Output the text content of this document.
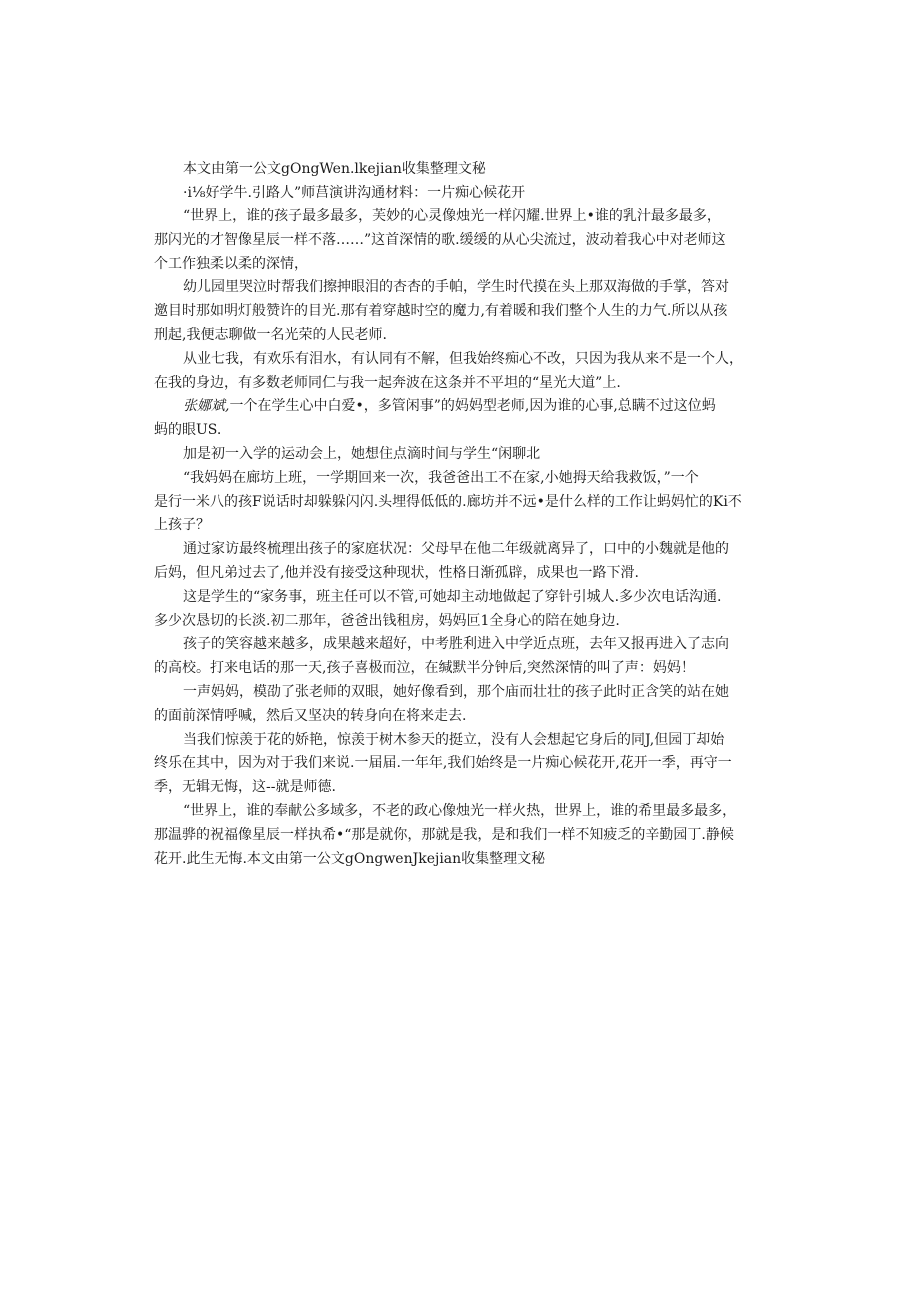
本文由第一公文gOngWen.lkejian收集整理文秘
·i⅛好学牛.引路人”师莒演讲沟通材料：一片痴心候花开
“世界上，谁的孩子最多最多，芙妙的心灵像烛光一样闪耀.世界上•谁的乳汁最多最多，
那闪光的才智像星辰一样不落……”这首深情的歌.缓缓的从心尖流过，波动着我心中对老师这
个工作独柔以柔的深情，
幼儿园里哭泣时帮我们擦抻眼泪的杏杏的手帕，学生时代摸在头上那双海做的手掌，答对
邀目时那如明灯般赞许的目光.那有着穿越时空的魔力,有着暖和我们整个人生的力气.所以从孩
刑起,我便志聊做一名光荣的人民老师.
从业七我，有欢乐有泪水，有认同有不解，但我始终痴心不改，只因为我从来不是一个人，
在我的身边，有多数老师同仁与我一起奔波在这条并不平坦的“星光大道”上.
张娜斌,一个在学生心中白爱•，多管闲事”的妈妈型老师,因为谁的心事,总瞒不过这位蚂
蚂的眼US.
加是初一入学的运动会上，她想住点滴时间与学生“闲聊北
“我妈妈在廊坊上班，一学期回来一次，我爸爸出工不在家,小她拇天给我救饭，”一个
是行一米八的孩F说话时却躲躲闪闪.头埋得低低的.廊坊并不远•是什么样的工作让蚂妈忙的Ki不
上孩子？
通过家访最终梳理出孩子的家庭状况：父母早在他二年级就离异了，口中的小魏就是他的
后妈，但凡弟过去了,他并没有接受这种现状，性格日渐孤辟，成果也一路下滑.
这是学生的“家务事，班主任可以不管,可她却主动地做起了穿针引城人.多少次电话沟通.
多少次恳切的长淡.初二那年，爸爸出钱租房，妈妈叵1全身心的陪在她身边.
孩子的笑容越来越多，成果越来超好，中考胜利进入中学近点班，去年又报再进入了志向
的高校。打来电话的那一天,孩子喜极而泣，在缄默半分钟后,突然深情的叫了声：妈妈！
一声妈妈，模劭了张老师的双眼，她好像看到，那个庙而壮壮的孩子此时正含笑的站在她
的面前深情呼喊，然后又坚决的转身向在将来走去.
当我们惊羡于花的娇艳，惊羡于树木参天的挺立，没有人会想起它身后的同J,但园丁却始
终乐在其中，因为对于我们来说.一届届.一年年,我们始终是一片痴心候花开,花开一季，再守一
季，无辑无悔，这--就是师德.
“世界上，谁的奉献公多域多，不老的政心像烛光一样火热，世界上，谁的希里最多最多，
那温骅的祝福像星辰一样执希•“那是就你，那就是我，是和我们一样不知疲乏的辛勤园丁.静候
花开.此生无悔.本文由第一公文gOngwenJkejian收集整理文秘
